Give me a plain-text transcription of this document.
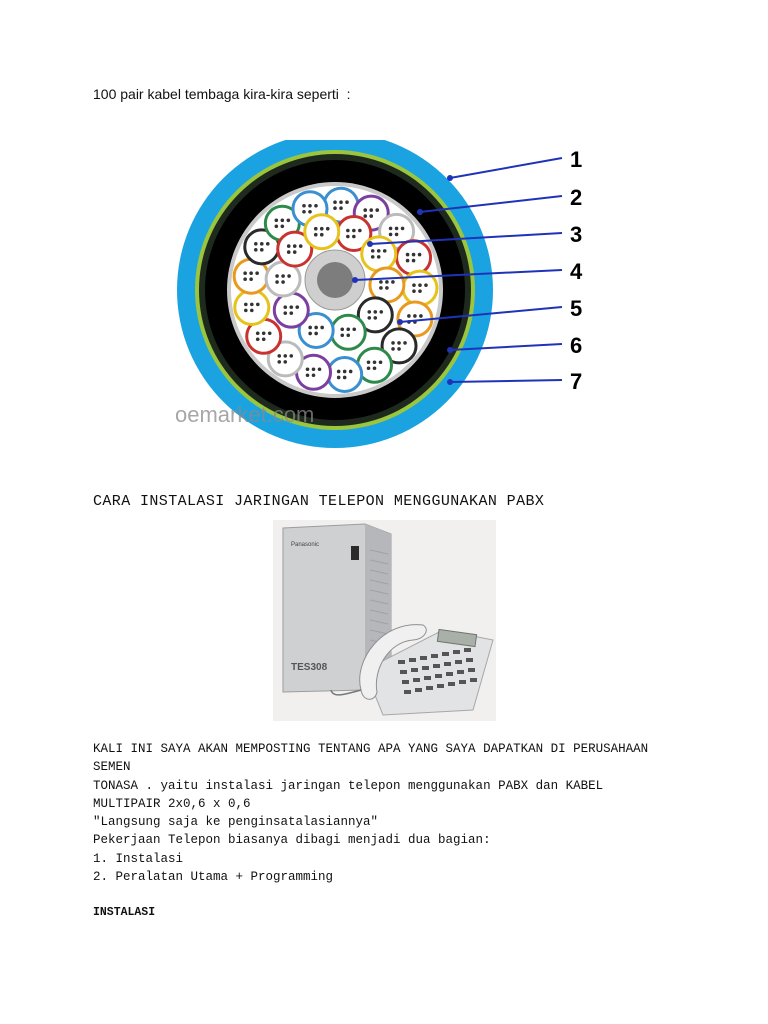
100 pair kabel tembaga kira-kira seperti  :
oemarket.com
1
2
3
4
5
6
7
CARA INSTALASI JARINGAN TELEPON MENGGUNAKAN PABX
Panasonic
TES308
KALI INI SAYA AKAN MEMPOSTING TENTANG APA YANG SAYA DAPATKAN DI PERUSAHAAN
SEMEN
TONASA . yaitu instalasi jaringan telepon menggunakan PABX dan KABEL
MULTIPAIR 2x0,6 x 0,6
"Langsung saja ke penginsatalasiannya"
Pekerjaan Telepon biasanya dibagi menjadi dua bagian:
1. Instalasi
2. Peralatan Utama + Programming
INSTALASI
